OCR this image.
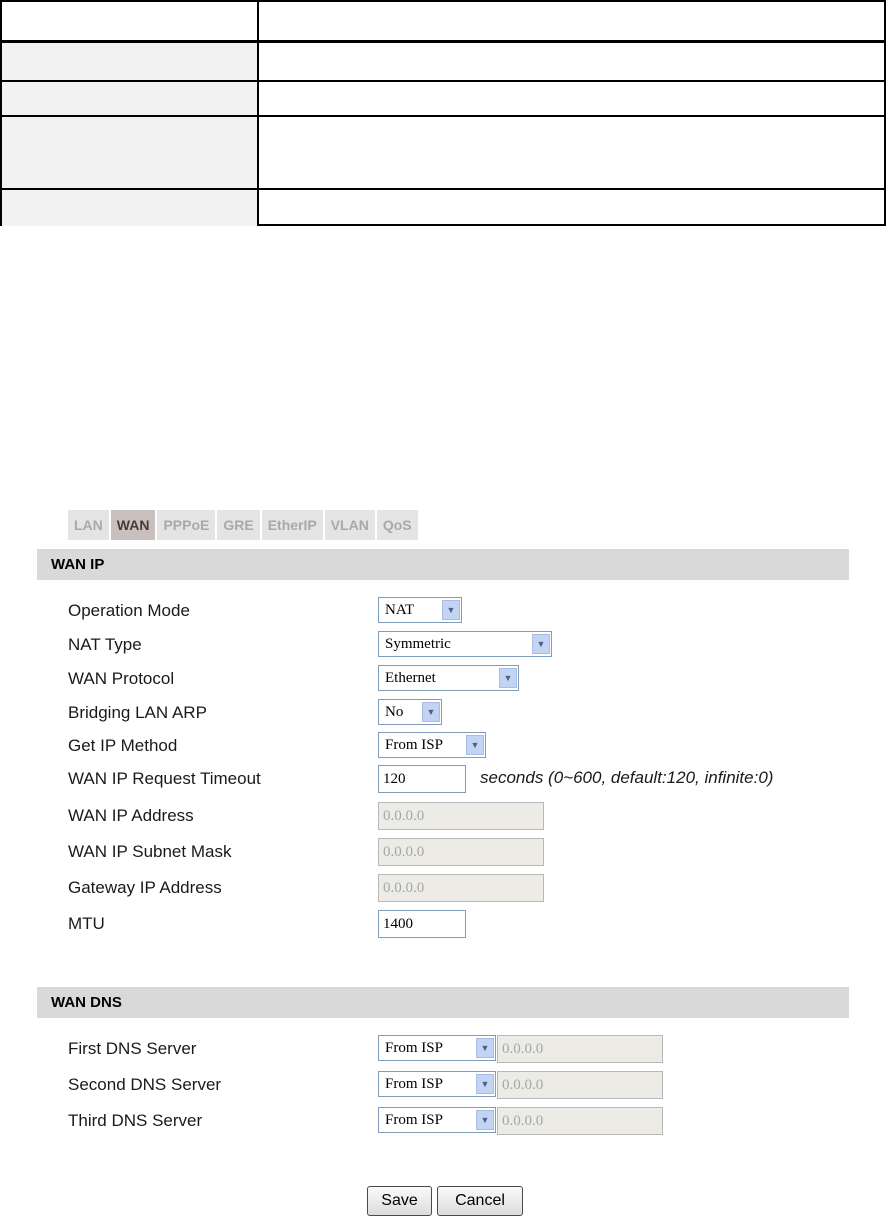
LAN	WAN	PPPoE	GRE	EtherIP	VLAN	QoS
WAN IP
Operation Mode	NAT	▼
NAT Type	Symmetric	▼
WAN Protocol	Ethernet	▼
Bridging LAN ARP	No	▼
Get IP Method	From ISP	▼
WAN IP Request Timeout	120	seconds (0~600, default:120, infinite:0)
WAN IP Address	0.0.0.0
WAN IP Subnet Mask	0.0.0.0
Gateway IP Address	0.0.0.0
MTU	1400
WAN DNS
First DNS Server	From ISP	▼ 0.0.0.0
Second DNS Server	From ISP	▼ 0.0.0.0
Third DNS Server	From ISP	▼ 0.0.0.0
Save	Cancel
